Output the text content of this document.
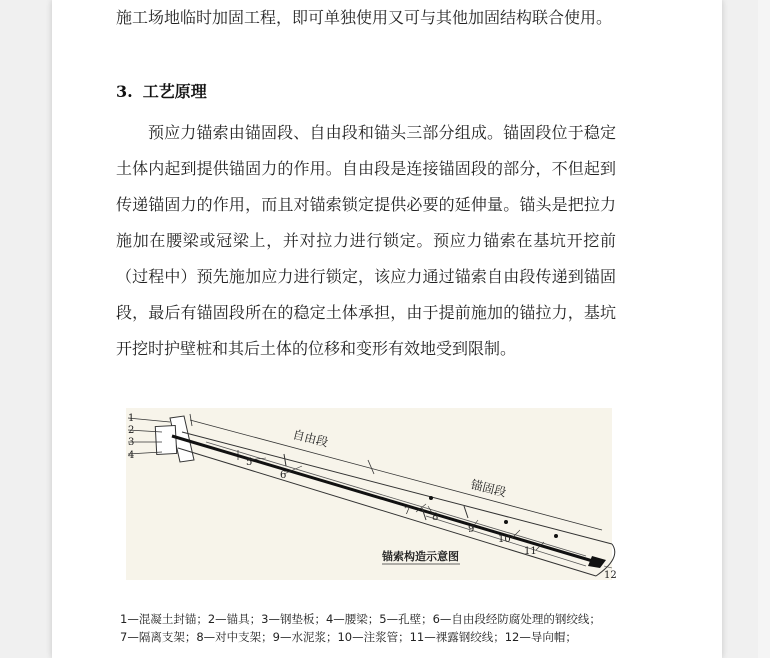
施工场地临时加固工程，即可单独使用又可与其他加固结构联合使用。

3. 工艺原理

预应力锚索由锚固段、自由段和锚头三部分组成。锚固段位于稳定土体内起到提供锚固力的作用。自由段是连接锚固段的部分，不但起到传递锚固力的作用，而且对锚索锁定提供必要的延伸量。锚头是把拉力施加在腰梁或冠梁上，并对拉力进行锁定。预应力锚索在基坑开挖前（过程中）预先施加应力进行锁定，该应力通过锚索自由段传递到锚固段，最后有锚固段所在的稳定土体承担，由于提前施加的锚拉力，基坑开挖时护壁桩和其后土体的位移和变形有效地受到限制。

1
2
3
4
5
6
7
8
9
10
11
12
自由段
锚固段
锚索构造示意图
1—混凝土封锚；2—锚具；3—钢垫板；4—腰梁；5—孔壁；6—自由段经防腐处理的钢绞线；
7—隔离支架；8—对中支架；9—水泥浆；10—注浆管；11—裸露钢绞线；12—导向帽；
